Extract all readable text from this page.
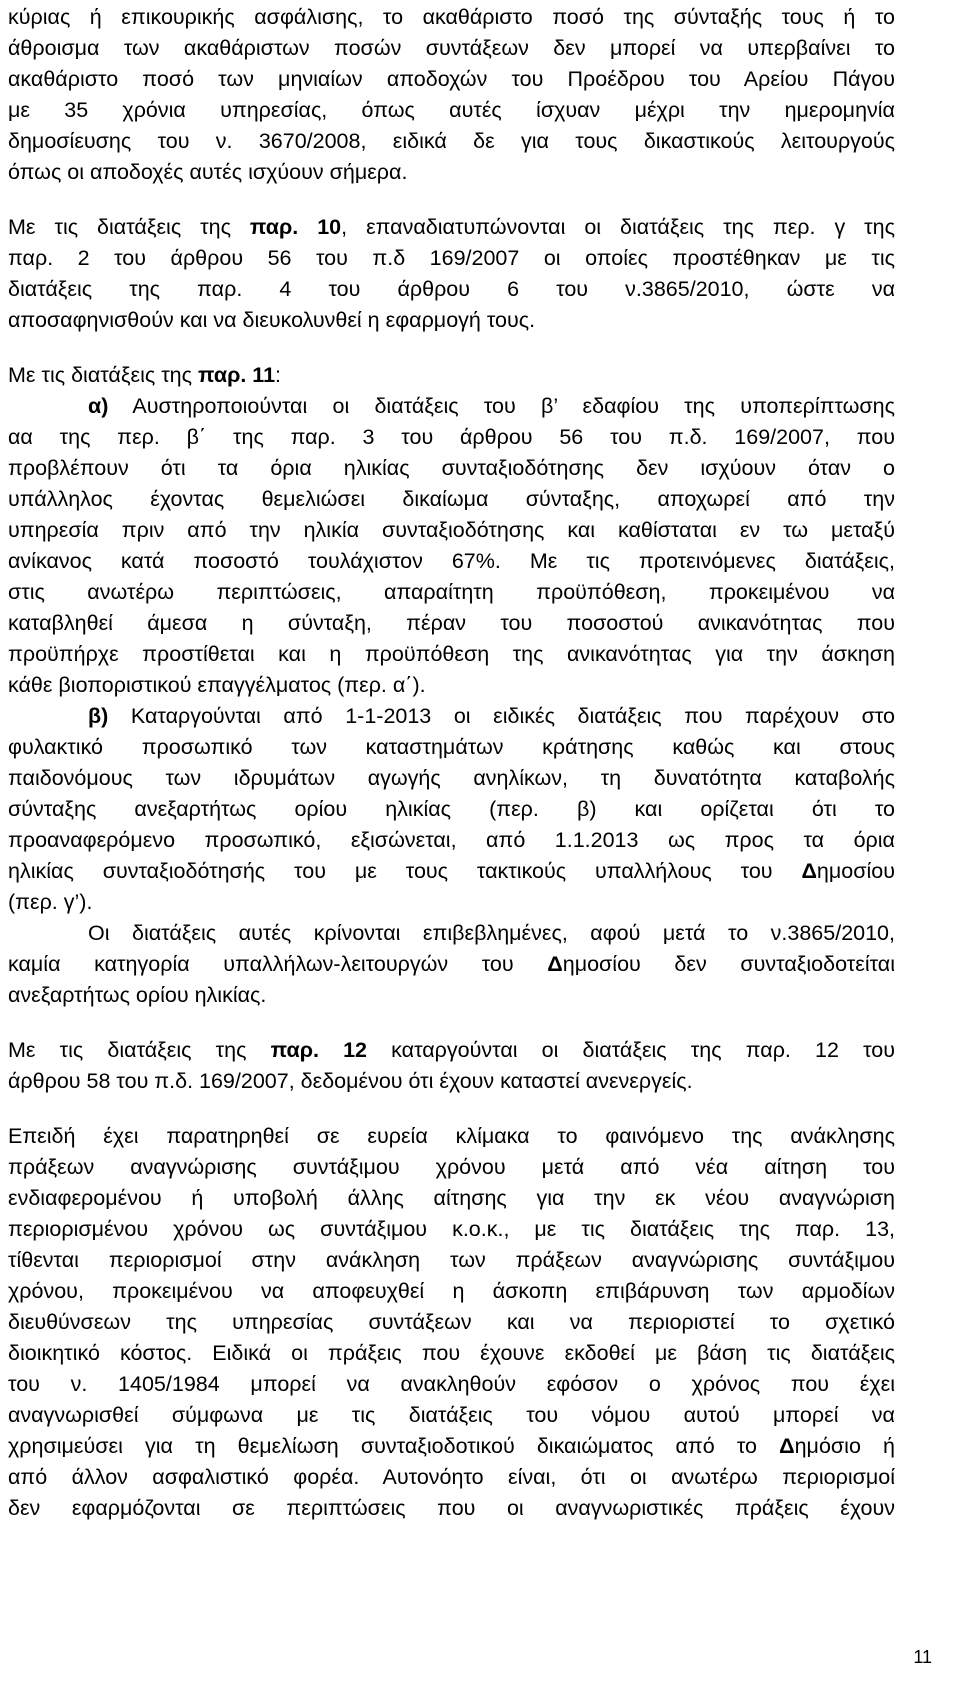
κύριας ή επικουρικής ασφάλισης, το ακαθάριστο ποσό της σύνταξής τους ή το
άθροισμα των ακαθάριστων ποσών συντάξεων δεν μπορεί να υπερβαίνει το
ακαθάριστο ποσό των μηνιαίων αποδοχών του Προέδρου του Αρείου Πάγου
με 35 χρόνια υπηρεσίας, όπως αυτές ίσχυαν μέχρι την ημερομηνία
δημοσίευσης του ν. 3670/2008, ειδικά δε για τους δικαστικούς λειτουργούς
όπως οι αποδοχές αυτές ισχύουν σήμερα.
Με τις διατάξεις της παρ. 10, επαναδιατυπώνονται οι διατάξεις της περ. γ της
παρ. 2 του άρθρου 56 του π.δ 169/2007 οι οποίες προστέθηκαν με τις
διατάξεις της παρ. 4 του άρθρου 6 του ν.3865/2010, ώστε να
αποσαφηνισθούν και να διευκολυνθεί η εφαρμογή τους.
Με τις διατάξεις της παρ. 11:
α) Αυστηροποιούνται οι διατάξεις του β’ εδαφίου της υποπερίπτωσης
αα της περ. β΄ της παρ. 3 του άρθρου 56 του π.δ. 169/2007, που
προβλέπουν ότι τα όρια ηλικίας συνταξιοδότησης δεν ισχύουν όταν ο
υπάλληλος έχοντας θεμελιώσει δικαίωμα σύνταξης, αποχωρεί από την
υπηρεσία πριν από την ηλικία συνταξιοδότησης και καθίσταται εν τω μεταξύ
ανίκανος κατά ποσοστό τουλάχιστον 67%. Με τις προτεινόμενες διατάξεις,
στις ανωτέρω περιπτώσεις, απαραίτητη προϋπόθεση, προκειμένου να
καταβληθεί άμεσα η σύνταξη, πέραν του ποσοστού ανικανότητας που
προϋπήρχε προστίθεται και η προϋπόθεση της ανικανότητας για την άσκηση
κάθε βιοποριστικού επαγγέλματος (περ. α΄).
β) Καταργούνται από 1-1-2013 οι ειδικές διατάξεις που παρέχουν στο
φυλακτικό προσωπικό των καταστημάτων κράτησης καθώς και στους
παιδονόμους των ιδρυμάτων αγωγής ανηλίκων, τη δυνατότητα καταβολής
σύνταξης ανεξαρτήτως ορίου ηλικίας (περ. β) και ορίζεται ότι το
προαναφερόμενο προσωπικό, εξισώνεται, από 1.1.2013 ως προς τα όρια
ηλικίας συνταξιοδότησής του με τους τακτικούς υπαλλήλους του Δημοσίου
(περ. γ’).
Οι διατάξεις αυτές κρίνονται επιβεβλημένες, αφού μετά το ν.3865/2010,
καμία κατηγορία υπαλλήλων-λειτουργών του Δημοσίου δεν συνταξιοδοτείται
ανεξαρτήτως ορίου ηλικίας.
Με τις διατάξεις της παρ. 12 καταργούνται οι διατάξεις της παρ. 12 του
άρθρου 58 του π.δ. 169/2007, δεδομένου ότι έχουν καταστεί ανενεργείς.
Επειδή έχει παρατηρηθεί σε ευρεία κλίμακα το φαινόμενο της ανάκλησης
πράξεων αναγνώρισης συντάξιμου χρόνου μετά από νέα αίτηση του
ενδιαφερομένου ή υποβολή άλλης αίτησης για την εκ νέου αναγνώριση
περιορισμένου χρόνου ως συντάξιμου κ.ο.κ., με τις διατάξεις της παρ. 13,
τίθενται περιορισμοί στην ανάκληση των πράξεων αναγνώρισης συντάξιμου
χρόνου, προκειμένου να αποφευχθεί η άσκοπη επιβάρυνση των αρμοδίων
διευθύνσεων της υπηρεσίας συντάξεων και να περιοριστεί το σχετικό
διοικητικό κόστος. Ειδικά οι πράξεις που έχουνε εκδοθεί με βάση τις διατάξεις
του ν. 1405/1984 μπορεί να ανακληθούν εφόσον ο χρόνος που έχει
αναγνωρισθεί σύμφωνα με τις διατάξεις του νόμου αυτού μπορεί να
χρησιμεύσει για τη θεμελίωση συνταξιοδοτικού δικαιώματος από το Δημόσιο ή
από άλλον ασφαλιστικό φορέα. Αυτονόητο είναι, ότι οι ανωτέρω περιορισμοί
δεν εφαρμόζονται σε περιπτώσεις που οι αναγνωριστικές πράξεις έχουν
11
